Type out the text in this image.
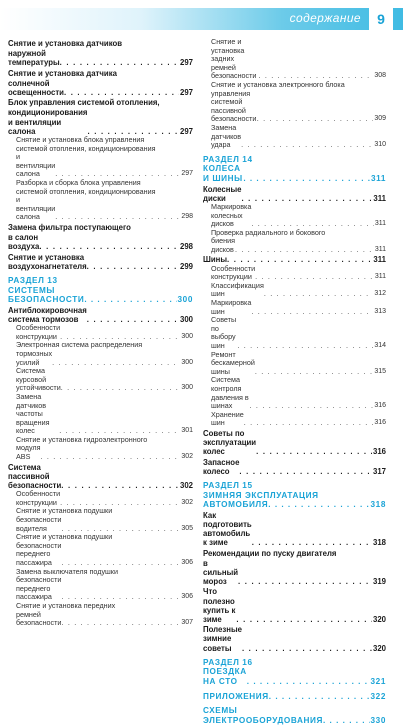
содержание	9
Снятие и установка датчиков
наружной температуры . . .	297
Снятие и установка датчика
солнечной освещенности . . .	297
Блок управления системой отопления,
кондиционирования и вентиляции салона . . .	297
Снятие и установка блока управления
системой отопления, кондиционирования
и вентиляции салона . . .	297
Разборка и сборка блока управления
системой отопления, кондиционирования
и вентиляции салона . . .	298
Замена фильтра поступающего
в салон воздуха . . .	298
Снятие и установка воздухонагнетателя . . .	299
РАЗДЕЛ 13
СИСТЕМЫ БЕЗОПАСНОСТИ . . .	300
Антиблокировочная система тормозов . . .	300
Особенности конструкции . . .	300
Электронная система распределения
тормозных усилий . . .	300
Система курсовой устойчивости . . .	300
Замена датчиков частоты вращения колес . . .	301
Снятие и установка гидроэлектронного
модуля ABS . . .	302
Система пассивной безопасности . . .	302
Особенности конструкции . . .	302
Снятие и установка подушки
безопасности водителя . . .	305
Снятие и установка подушки
безопасности переднего пассажира . . .	306
Замена выключателя подушки
безопасности переднего пассажира . . .	306
Снятие и установка передних
ремней безопасности . . .	307
Снятие и установка задних ремней безопасности . . .	308
Снятие и установка электронного блока
управления системой пассивной безопасности . . .	309
Замена датчиков удара . . .	310
РАЗДЕЛ 14
КОЛЕСА И ШИНЫ . . .	311
Колесные диски . . .	311
Маркировка колесных дисков . . .	311
Проверка радиального и бокового
биения дисков . . .	311
Шины . . .	311
Особенности конструкции . . .	311
Классификация шин . . .	312
Маркировка шин . . .	313
Советы по выбору шин . . .	314
Ремонт бескамерной шины . . .	315
Система контроля давления в шинах . . .	316
Хранение шин . . .	316
Советы по эксплуатации колес . . .	316
Запасное колесо . . .	317
РАЗДЕЛ 15
ЗИМНЯЯ ЭКСПЛУАТАЦИЯ
АВТОМОБИЛЯ . . .	318
Как подготовить автомобиль к зиме . . .	318
Рекомендации по пуску двигателя
в сильный мороз . . .	319
Что полезно купить к зиме . . .	320
Полезные зимние советы . . .	320
РАЗДЕЛ 16
ПОЕЗДКА НА СТО . . .	321
ПРИЛОЖЕНИЯ . . .	322
СХЕМЫ ЭЛЕКТРООБОРУДОВАНИЯ . . .	330
